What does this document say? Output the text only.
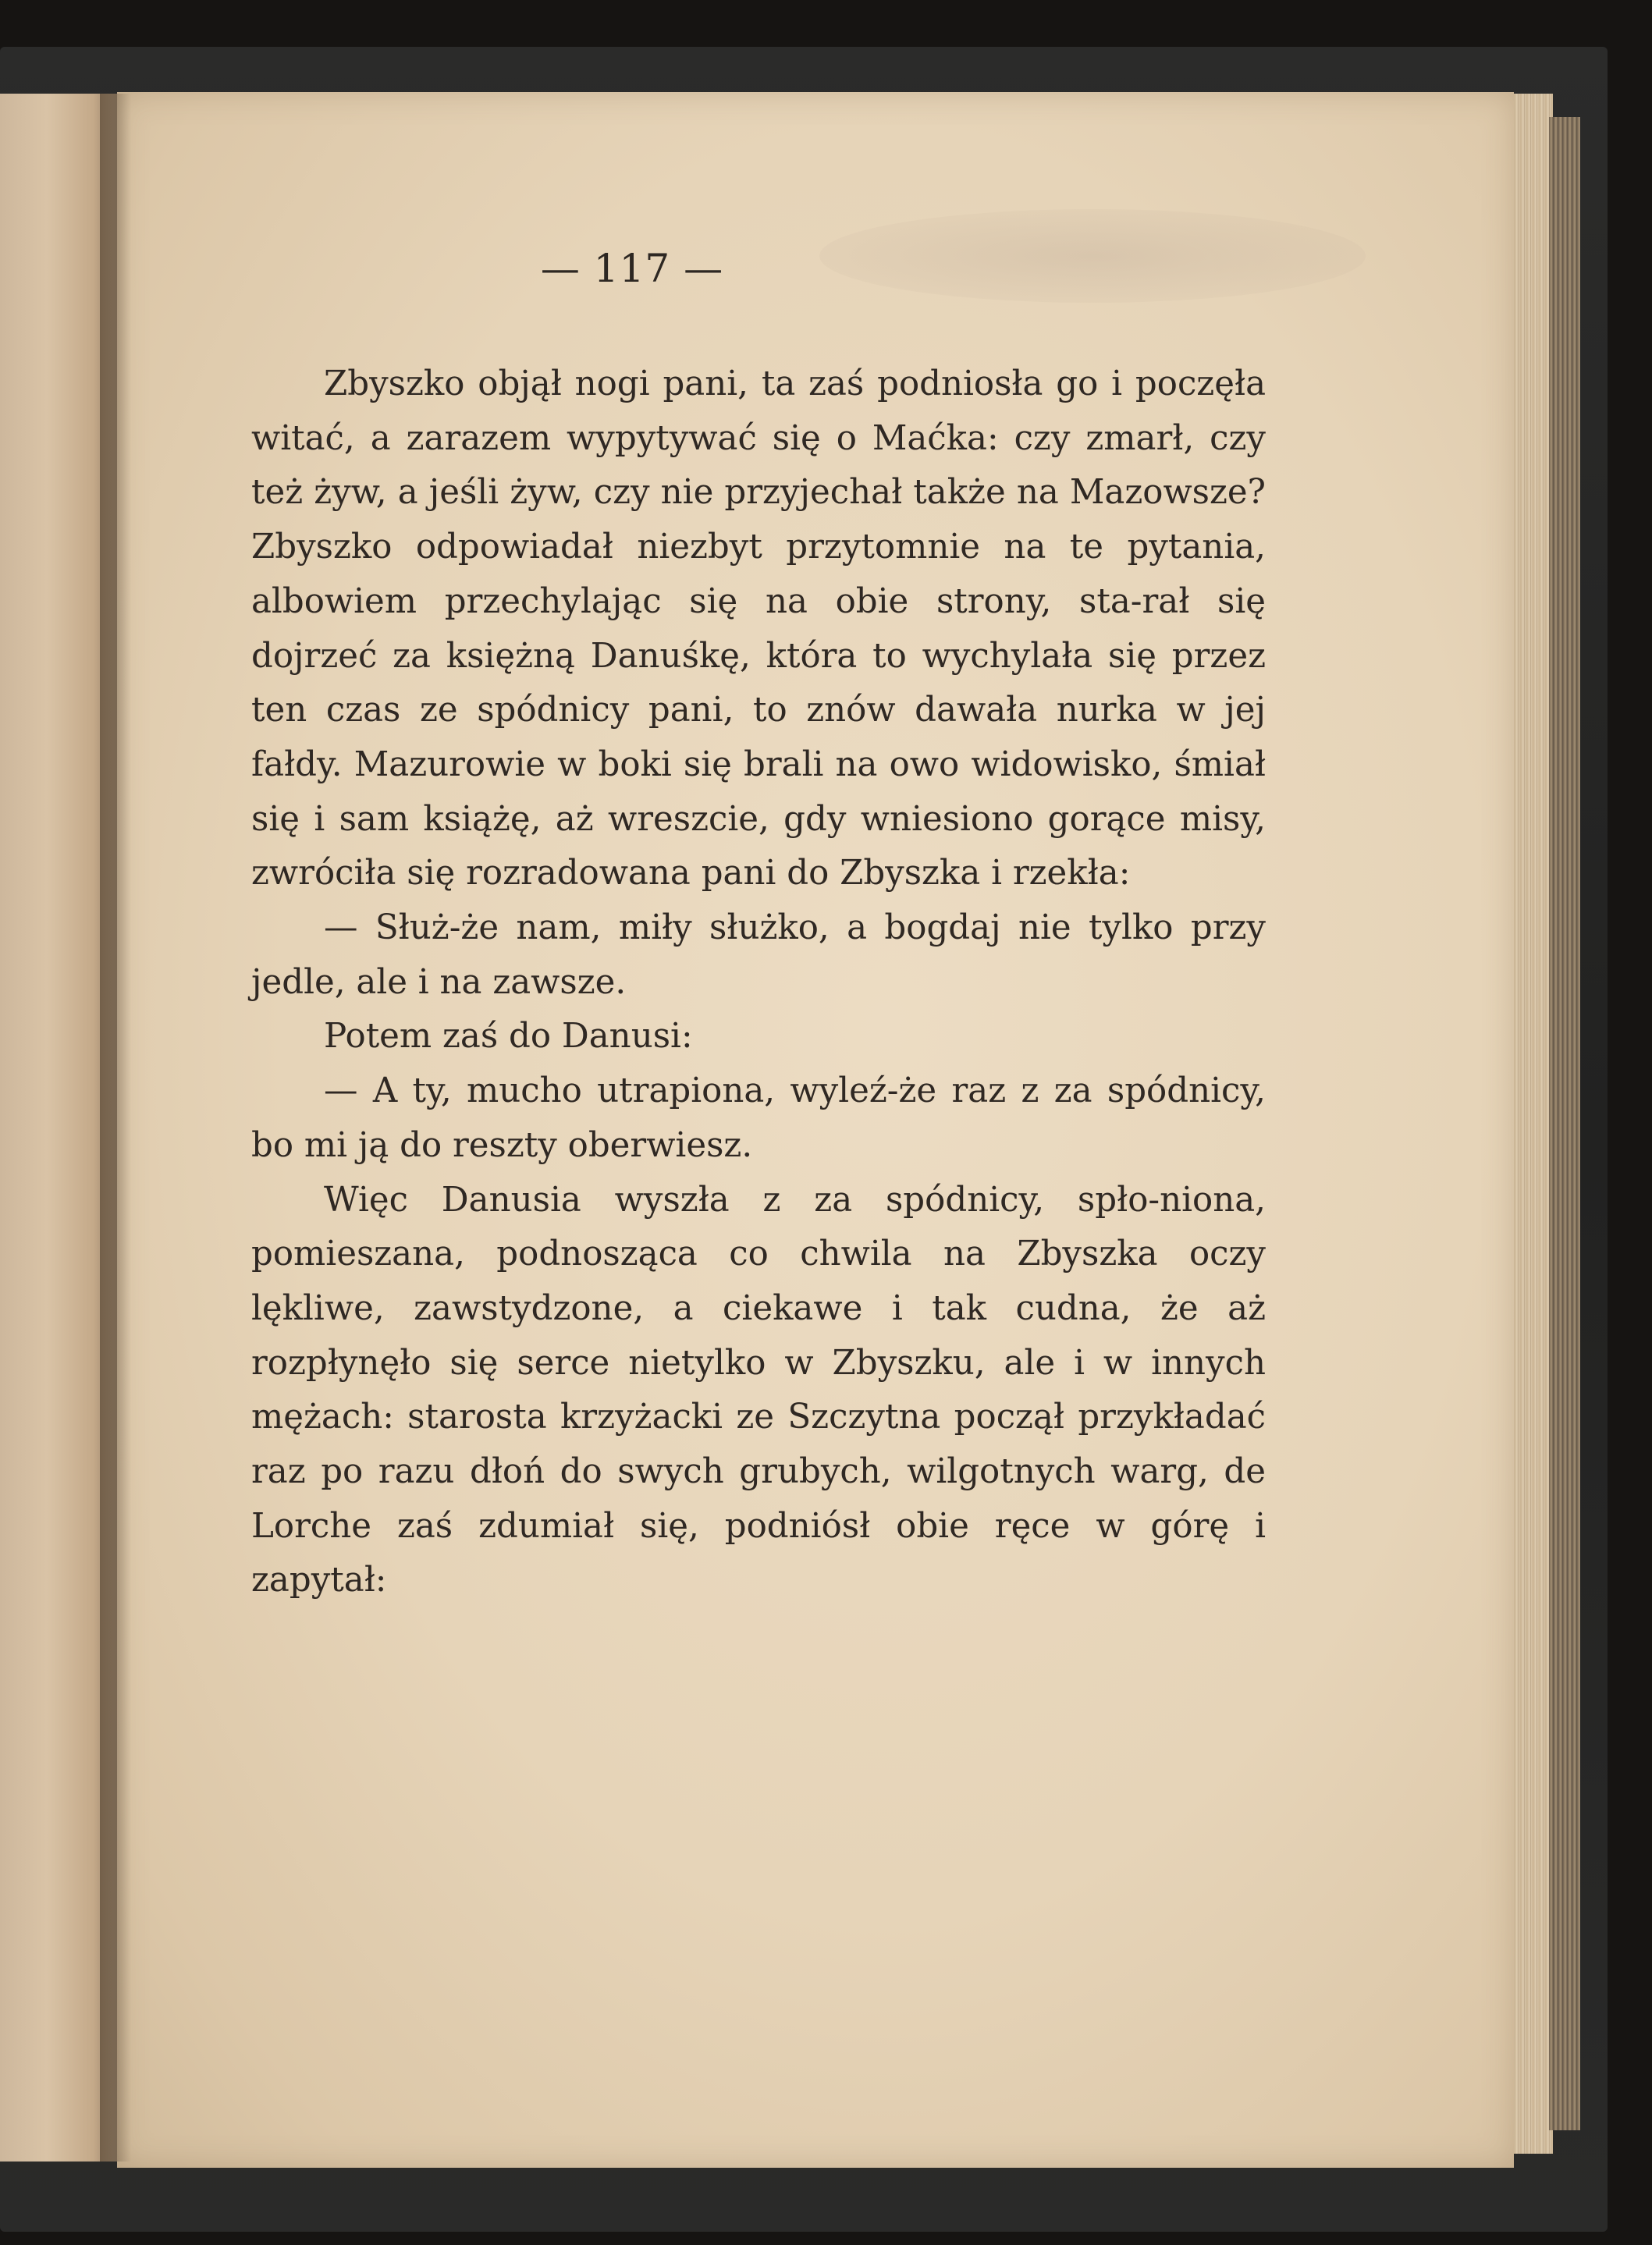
— 117 —

Zbyszko objął nogi pani, ta zaś podniosła go i poczęła witać, a zarazem wypytywać się o Maćka: czy zmarł, czy też żyw, a jeśli żyw, czy nie przyjechał także na Mazowsze? Zbyszko odpowiadał niezbyt przytomnie na te pytania, albowiem przechylając się na obie strony, sta-rał się dojrzeć za księżną Danuśkę, która to wychylała się przez ten czas ze spódnicy pani, to znów dawała nurka w jej fałdy. Mazurowie w boki się brali na owo widowisko, śmiał się i sam książę, aż wreszcie, gdy wniesiono gorące misy, zwróciła się rozradowana pani do Zbyszka i rzekła:

— Służ-że nam, miły służko, a bogdaj nie tylko przy jedle, ale i na zawsze.

Potem zaś do Danusi:

— A ty, mucho utrapiona, wyleź-że raz z za spódnicy, bo mi ją do reszty oberwiesz.

Więc Danusia wyszła z za spódnicy, spło-niona, pomieszana, podnosząca co chwila na Zbyszka oczy lękliwe, zawstydzone, a ciekawe i tak cudna, że aż rozpłynęło się serce nietylko w Zbyszku, ale i w innych mężach: starosta krzyżacki ze Szczytna począł przykładać raz po razu dłoń do swych grubych, wilgotnych warg, de Lorche zaś zdumiał się, podniósł obie ręce w górę i zapytał:
